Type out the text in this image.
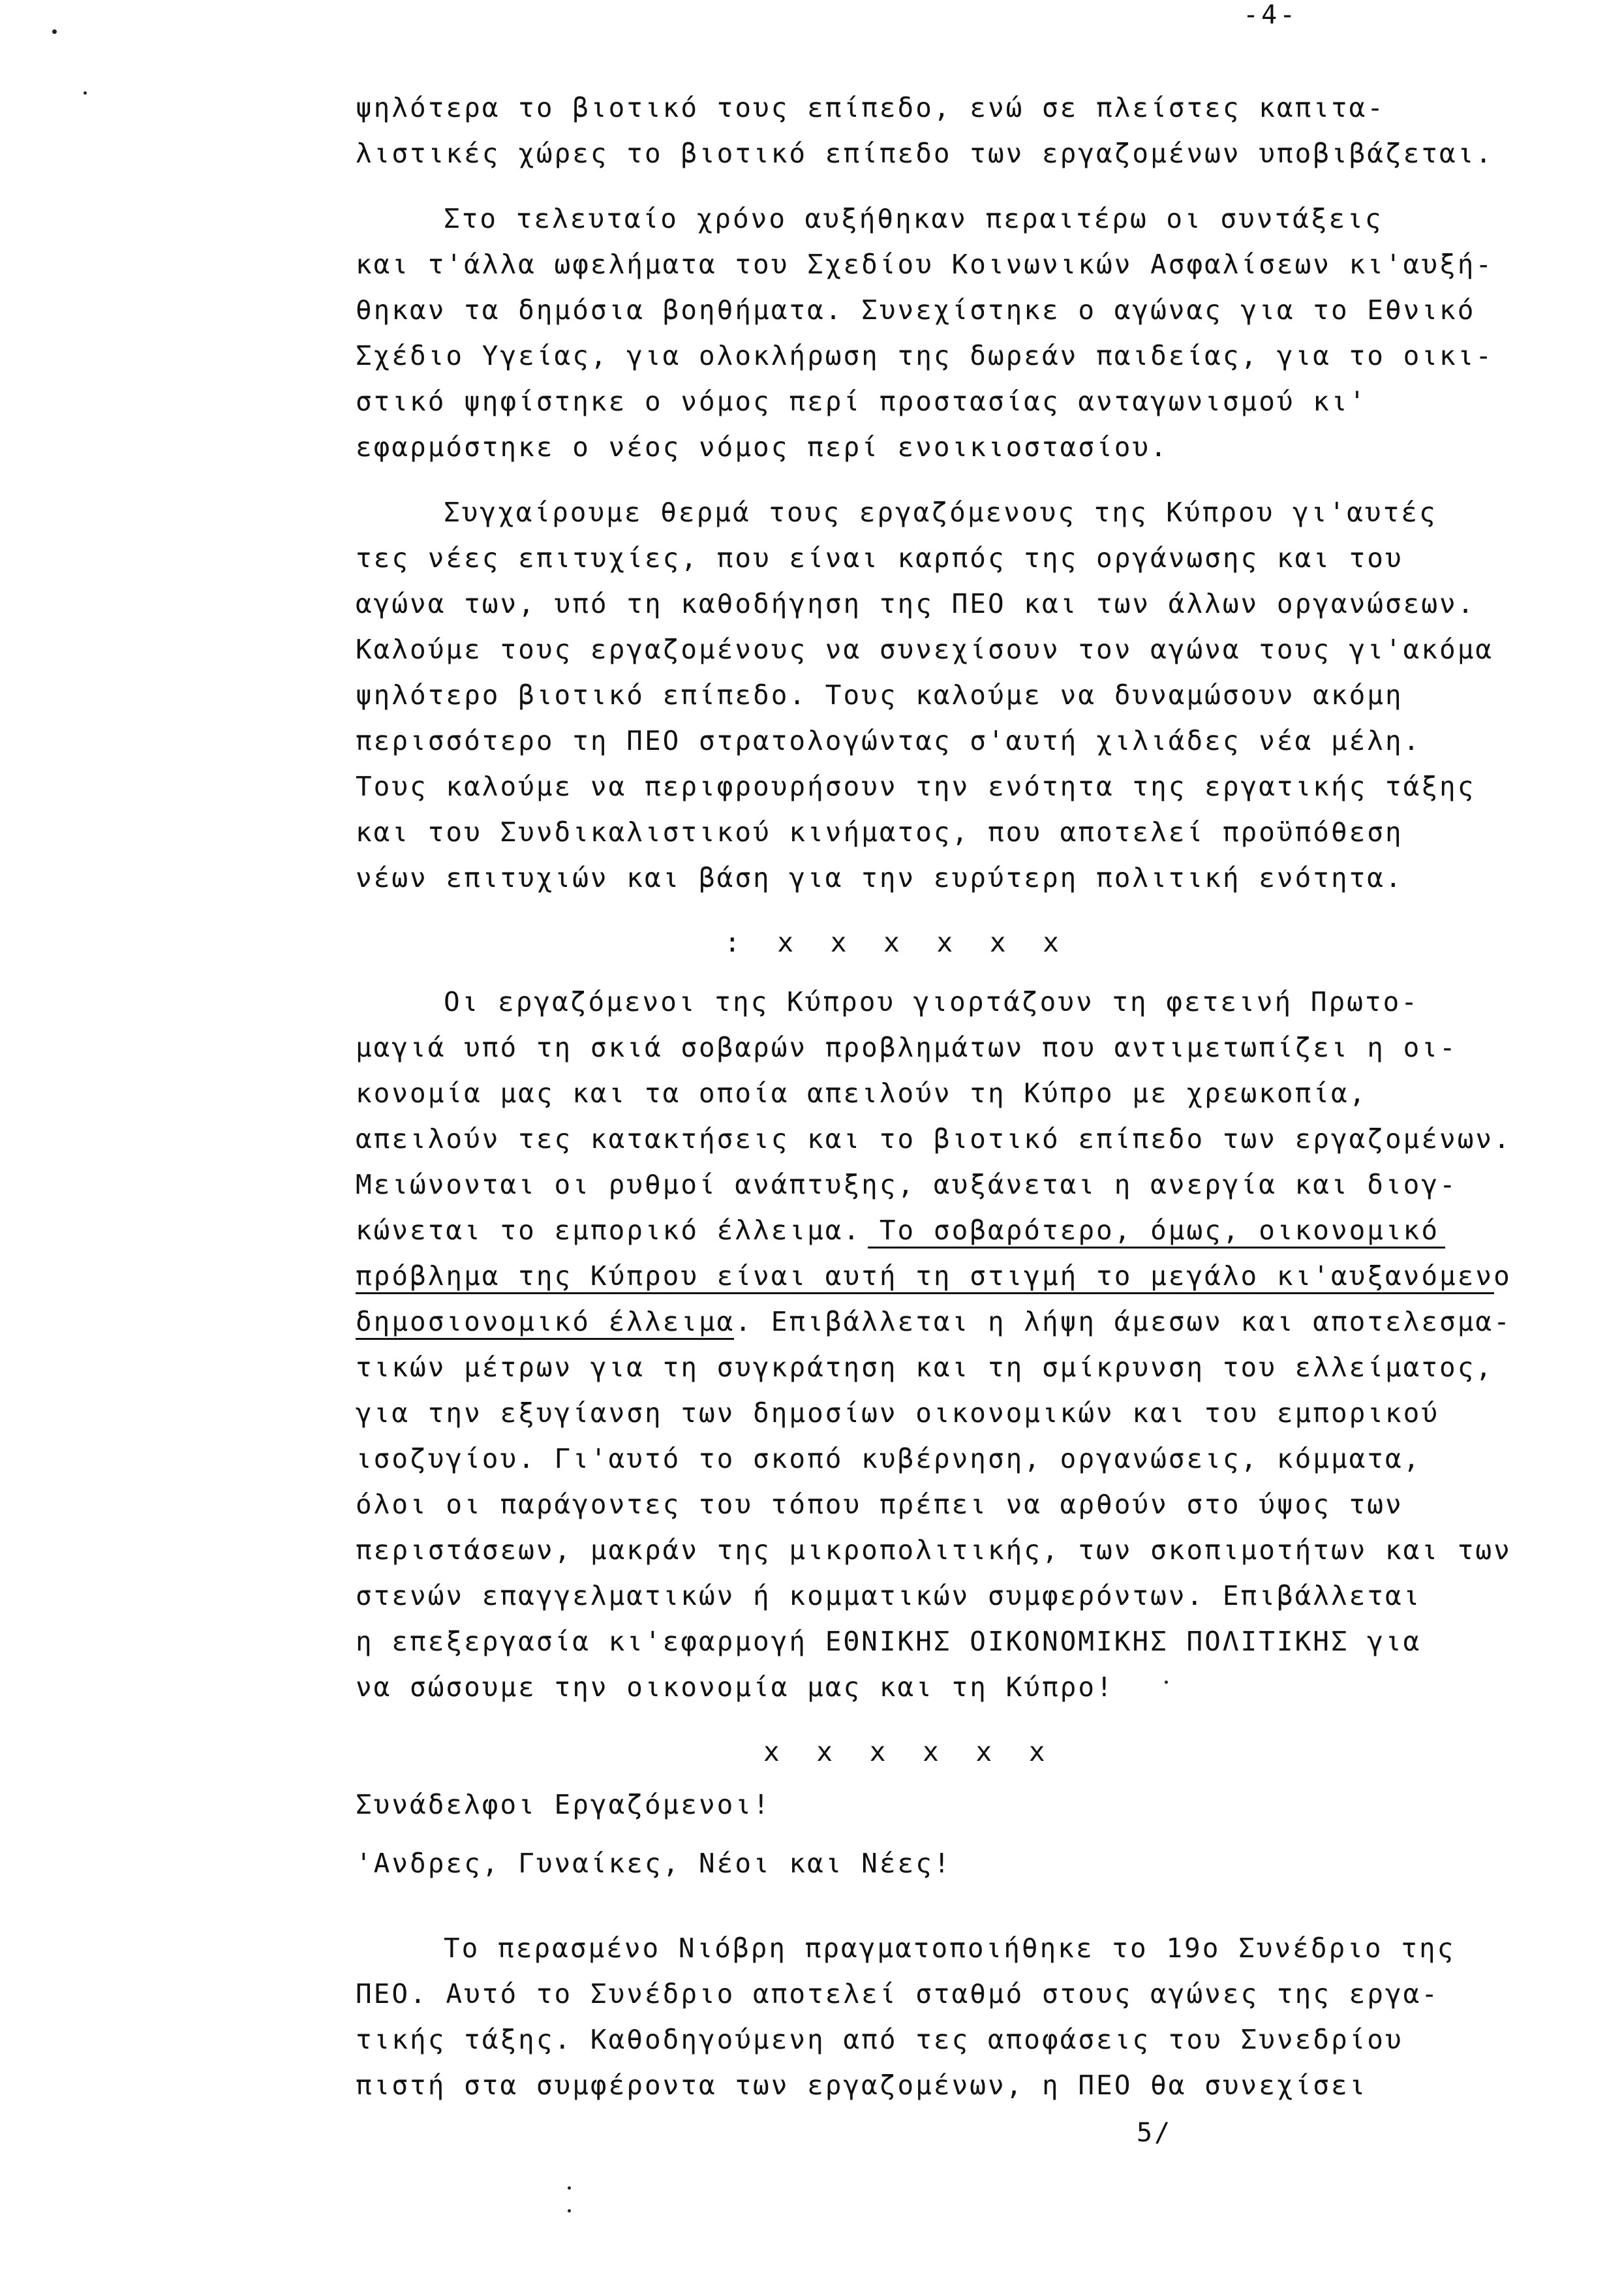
-4-
ψηλότερα το βιοτικό τους επίπεδο, ενώ σε πλείστες καπιτα-
λιστικές χώρες το βιοτικό επίπεδο των εργαζομένων υποβιβάζεται.
Στο τελευταίο χρόνο αυξήθηκαν περαιτέρω οι συντάξεις
και τ'άλλα ωφελήματα του Σχεδίου Κοινωνικών Ασφαλίσεων κι'αυξή-
θηκαν τα δημόσια βοηθήματα. Συνεχίστηκε ο αγώνας για το Εθνικό
Σχέδιο Υγείας, για ολοκλήρωση της δωρεάν παιδείας, για το οικι-
στικό ψηφίστηκε ο νόμος περί προστασίας ανταγωνισμού κι'
εφαρμόστηκε ο νέος νόμος περί ενοικιοστασίου.
Συγχαίρουμε θερμά τους εργαζόμενους της Κύπρου γι'αυτές
τες νέες επιτυχίες, που είναι καρπός της οργάνωσης και του
αγώνα των, υπό τη καθοδήγηση της ΠΕΟ και των άλλων οργανώσεων.
Καλούμε τους εργαζομένους να συνεχίσουν τον αγώνα τους γι'ακόμα
ψηλότερο βιοτικό επίπεδο. Τους καλούμε να δυναμώσουν ακόμη
περισσότερο τη ΠΕΟ στρατολογώντας σ'αυτή χιλιάδες νέα μέλη.
Τους καλούμε να περιφρουρήσουν την ενότητα της εργατικής τάξης
και του Συνδικαλιστικού κινήματος, που αποτελεί προϋπόθεση
νέων επιτυχιών και βάση για την ευρύτερη πολιτική ενότητα.
: x x x x x x
Οι εργαζόμενοι της Κύπρου γιορτάζουν τη φετεινή Πρωτο-
μαγιά υπό τη σκιά σοβαρών προβλημάτων που αντιμετωπίζει η οι-
κονομία μας και τα οποία απειλούν τη Κύπρο με χρεωκοπία,
απειλούν τες κατακτήσεις και το βιοτικό επίπεδο των εργαζομένων.
Μειώνονται οι ρυθμοί ανάπτυξης, αυξάνεται η ανεργία και διογ-
κώνεται το εμπορικό έλλειμα. Το σοβαρότερο, όμως, οικονομικό
πρόβλημα της Κύπρου είναι αυτή τη στιγμή το μεγάλο κι'αυξανόμενο
δημοσιονομικό έλλειμα. Επιβάλλεται η λήψη άμεσων και αποτελεσμα-
τικών μέτρων για τη συγκράτηση και τη σμίκρυνση του ελλείματος,
για την εξυγίανση των δημοσίων οικονομικών και του εμπορικού
ισοζυγίου. Γι'αυτό το σκοπό κυβέρνηση, οργανώσεις, κόμματα,
όλοι οι παράγοντες του τόπου πρέπει να αρθούν στο ύψος των
περιστάσεων, μακράν της μικροπολιτικής, των σκοπιμοτήτων και των
στενών επαγγελματικών ή κομματικών συμφερόντων. Επιβάλλεται
η επεξεργασία κι'εφαρμογή ΕΘΝΙΚΗΣ ΟΙΚΟΝΟΜΙΚΗΣ ΠΟΛΙΤΙΚΗΣ για
να σώσουμε την οικονομία μας και τη Κύπρο!
x x x x x x
Συνάδελφοι Εργαζόμενοι!
'Ανδρες, Γυναίκες, Νέοι και Νέες!
Το περασμένο Νιόβρη πραγματοποιήθηκε το 19ο Συνέδριο της
ΠΕΟ. Αυτό το Συνέδριο αποτελεί σταθμό στους αγώνες της εργα-
τικής τάξης. Καθοδηγούμενη από τες αποφάσεις του Συνεδρίου
πιστή στα συμφέροντα των εργαζομένων, η ΠΕΟ θα συνεχίσει
5/
